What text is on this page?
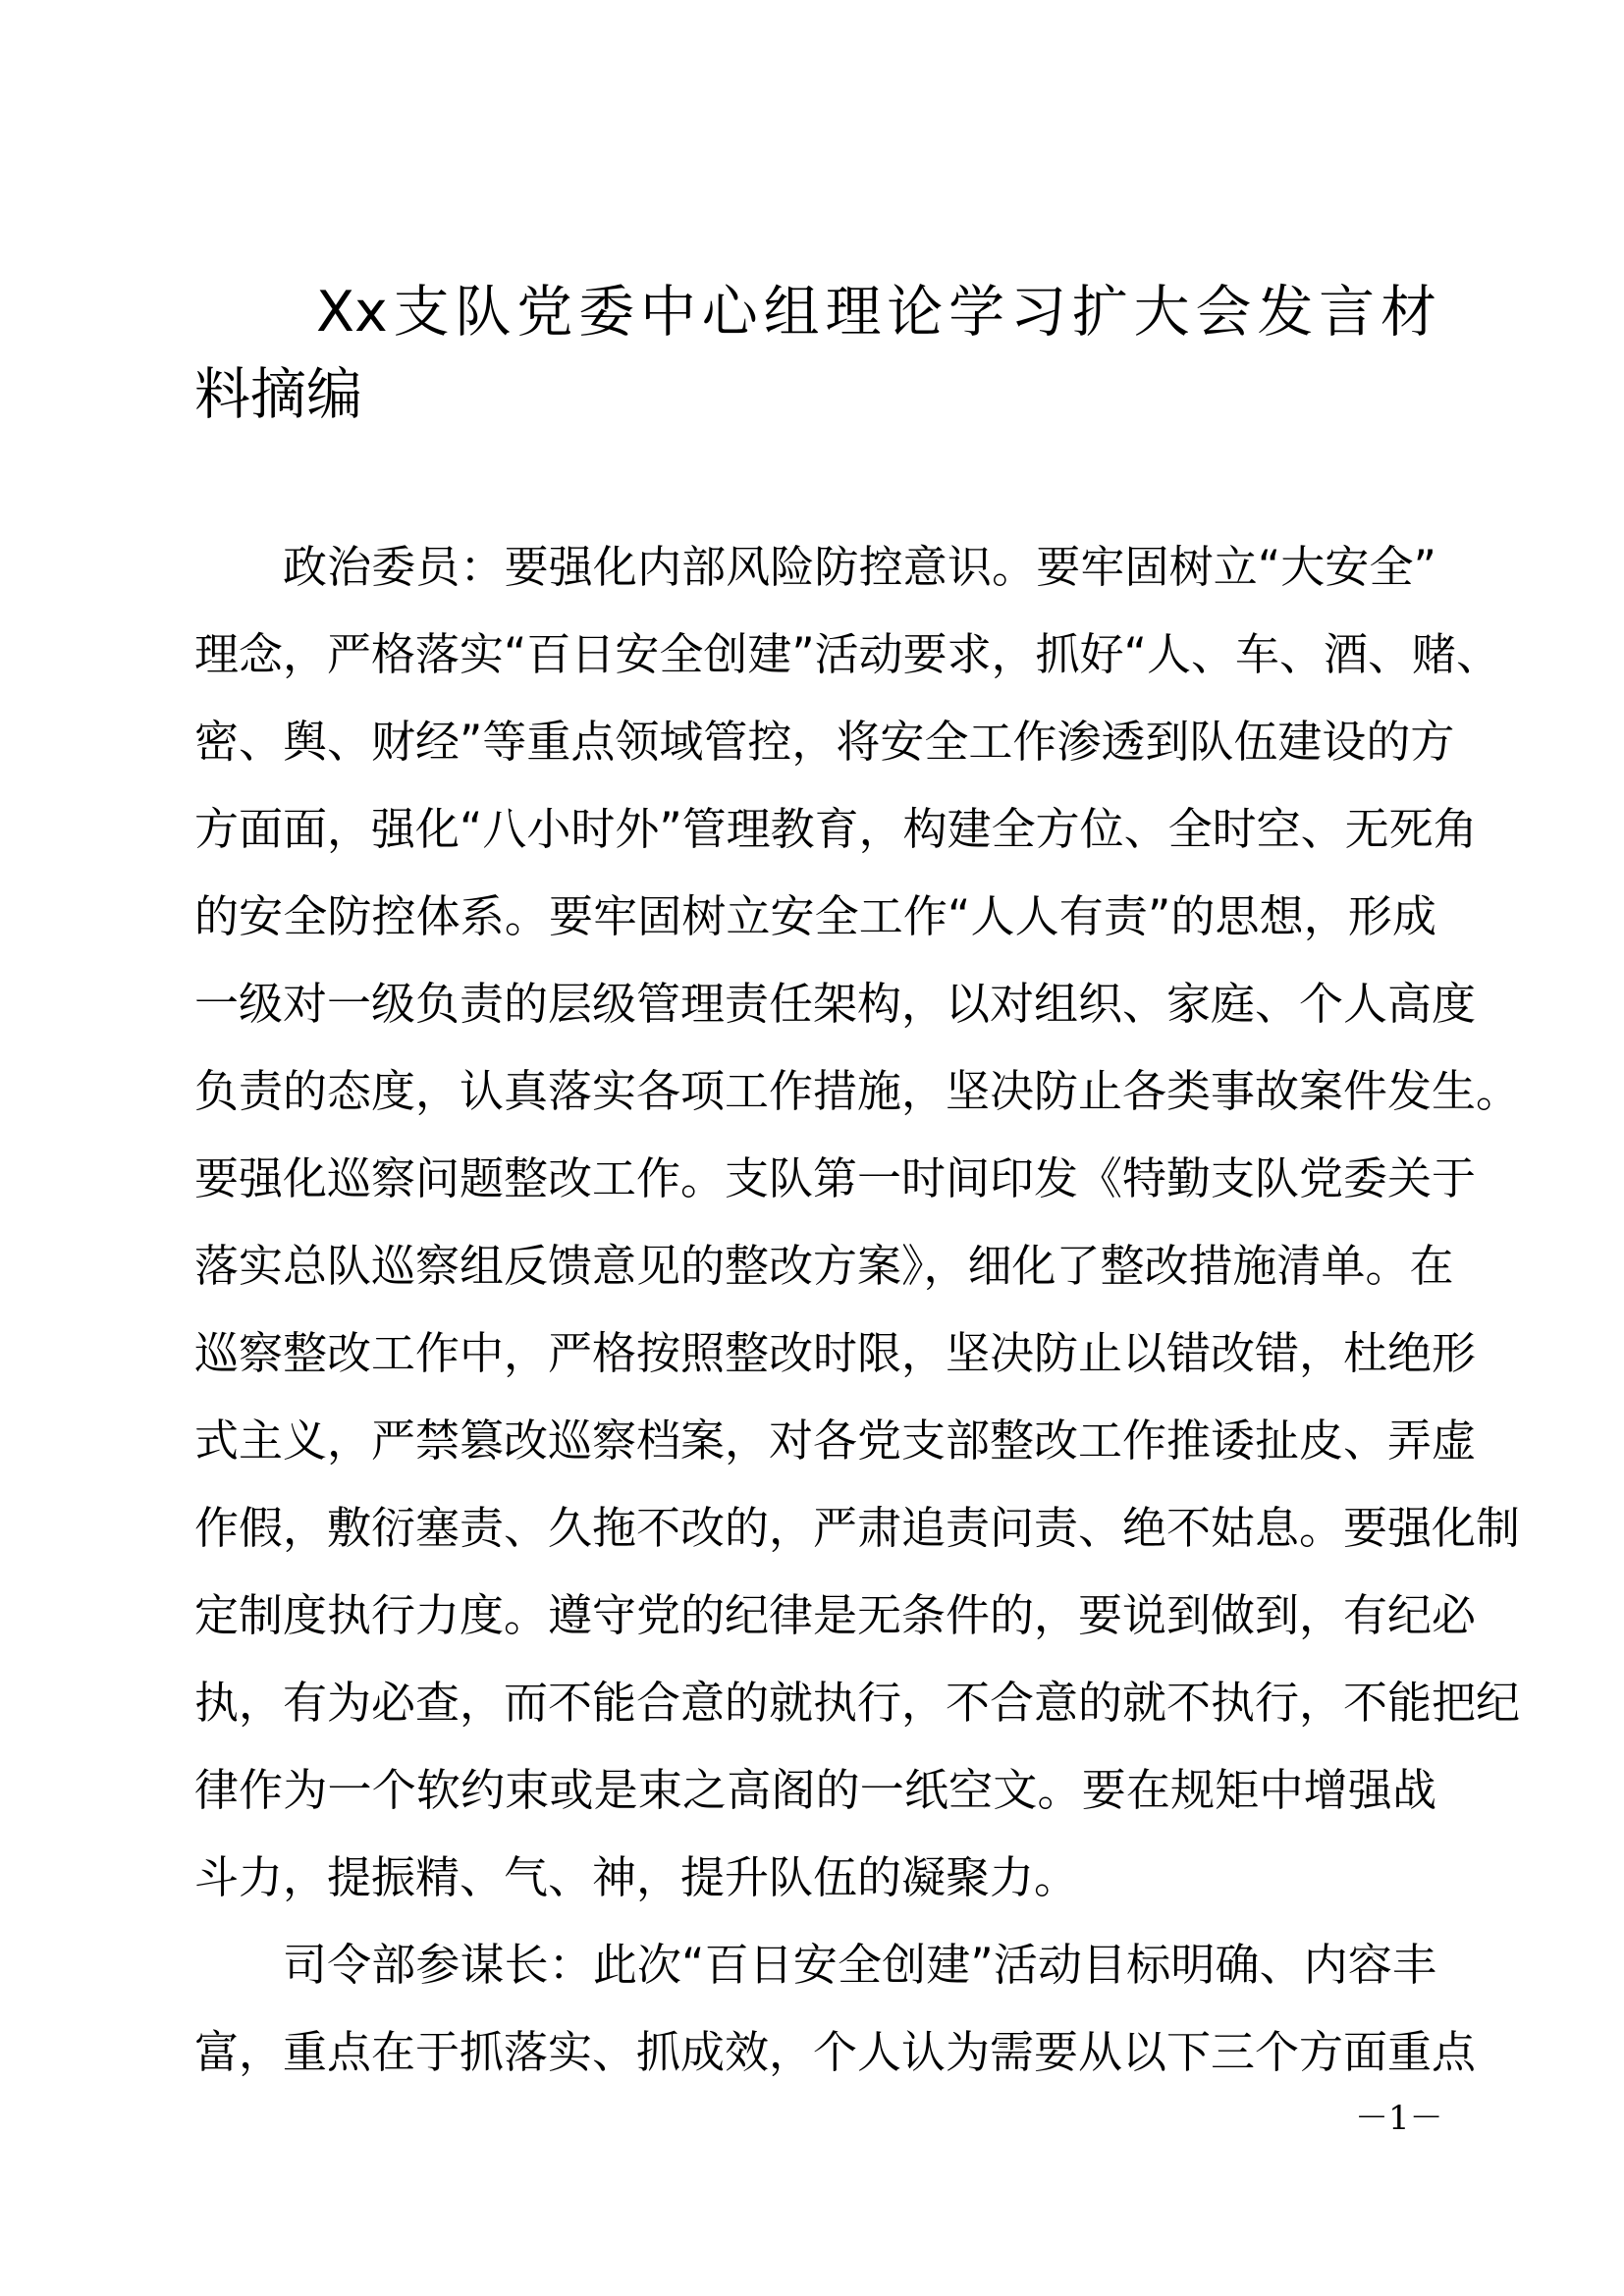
Xx支队党委中心组理论学习扩大会发言材
料摘编
政治委员：要强化内部风险防控意识。要牢固树立“大安全”
理念，严格落实“百日安全创建”活动要求，抓好“人、车、酒、赌、
密、舆、财经”等重点领域管控，将安全工作渗透到队伍建设的方
方面面，强化“八小时外”管理教育，构建全方位、全时空、无死角
的安全防控体系。要牢固树立安全工作“人人有责”的思想，形成
一级对一级负责的层级管理责任架构，以对组织、家庭、个人高度
负责的态度，认真落实各项工作措施，坚决防止各类事故案件发生。
要强化巡察问题整改工作。支队第一时间印发《特勤支队党委关于
落实总队巡察组反馈意见的整改方案》，细化了整改措施清单。在
巡察整改工作中，严格按照整改时限，坚决防止以错改错，杜绝形
式主义，严禁篡改巡察档案，对各党支部整改工作推诿扯皮、弄虚
作假，敷衍塞责、久拖不改的，严肃追责问责、绝不姑息。要强化制
定制度执行力度。遵守党的纪律是无条件的，要说到做到，有纪必
执，有为必查，而不能合意的就执行，不合意的就不执行，不能把纪
律作为一个软约束或是束之高阁的一纸空文。要在规矩中增强战
斗力，提振精、气、神，提升队伍的凝聚力。
司令部参谋长：此次“百日安全创建”活动目标明确、内容丰
富，重点在于抓落实、抓成效，个人认为需要从以下三个方面重点
－1－
